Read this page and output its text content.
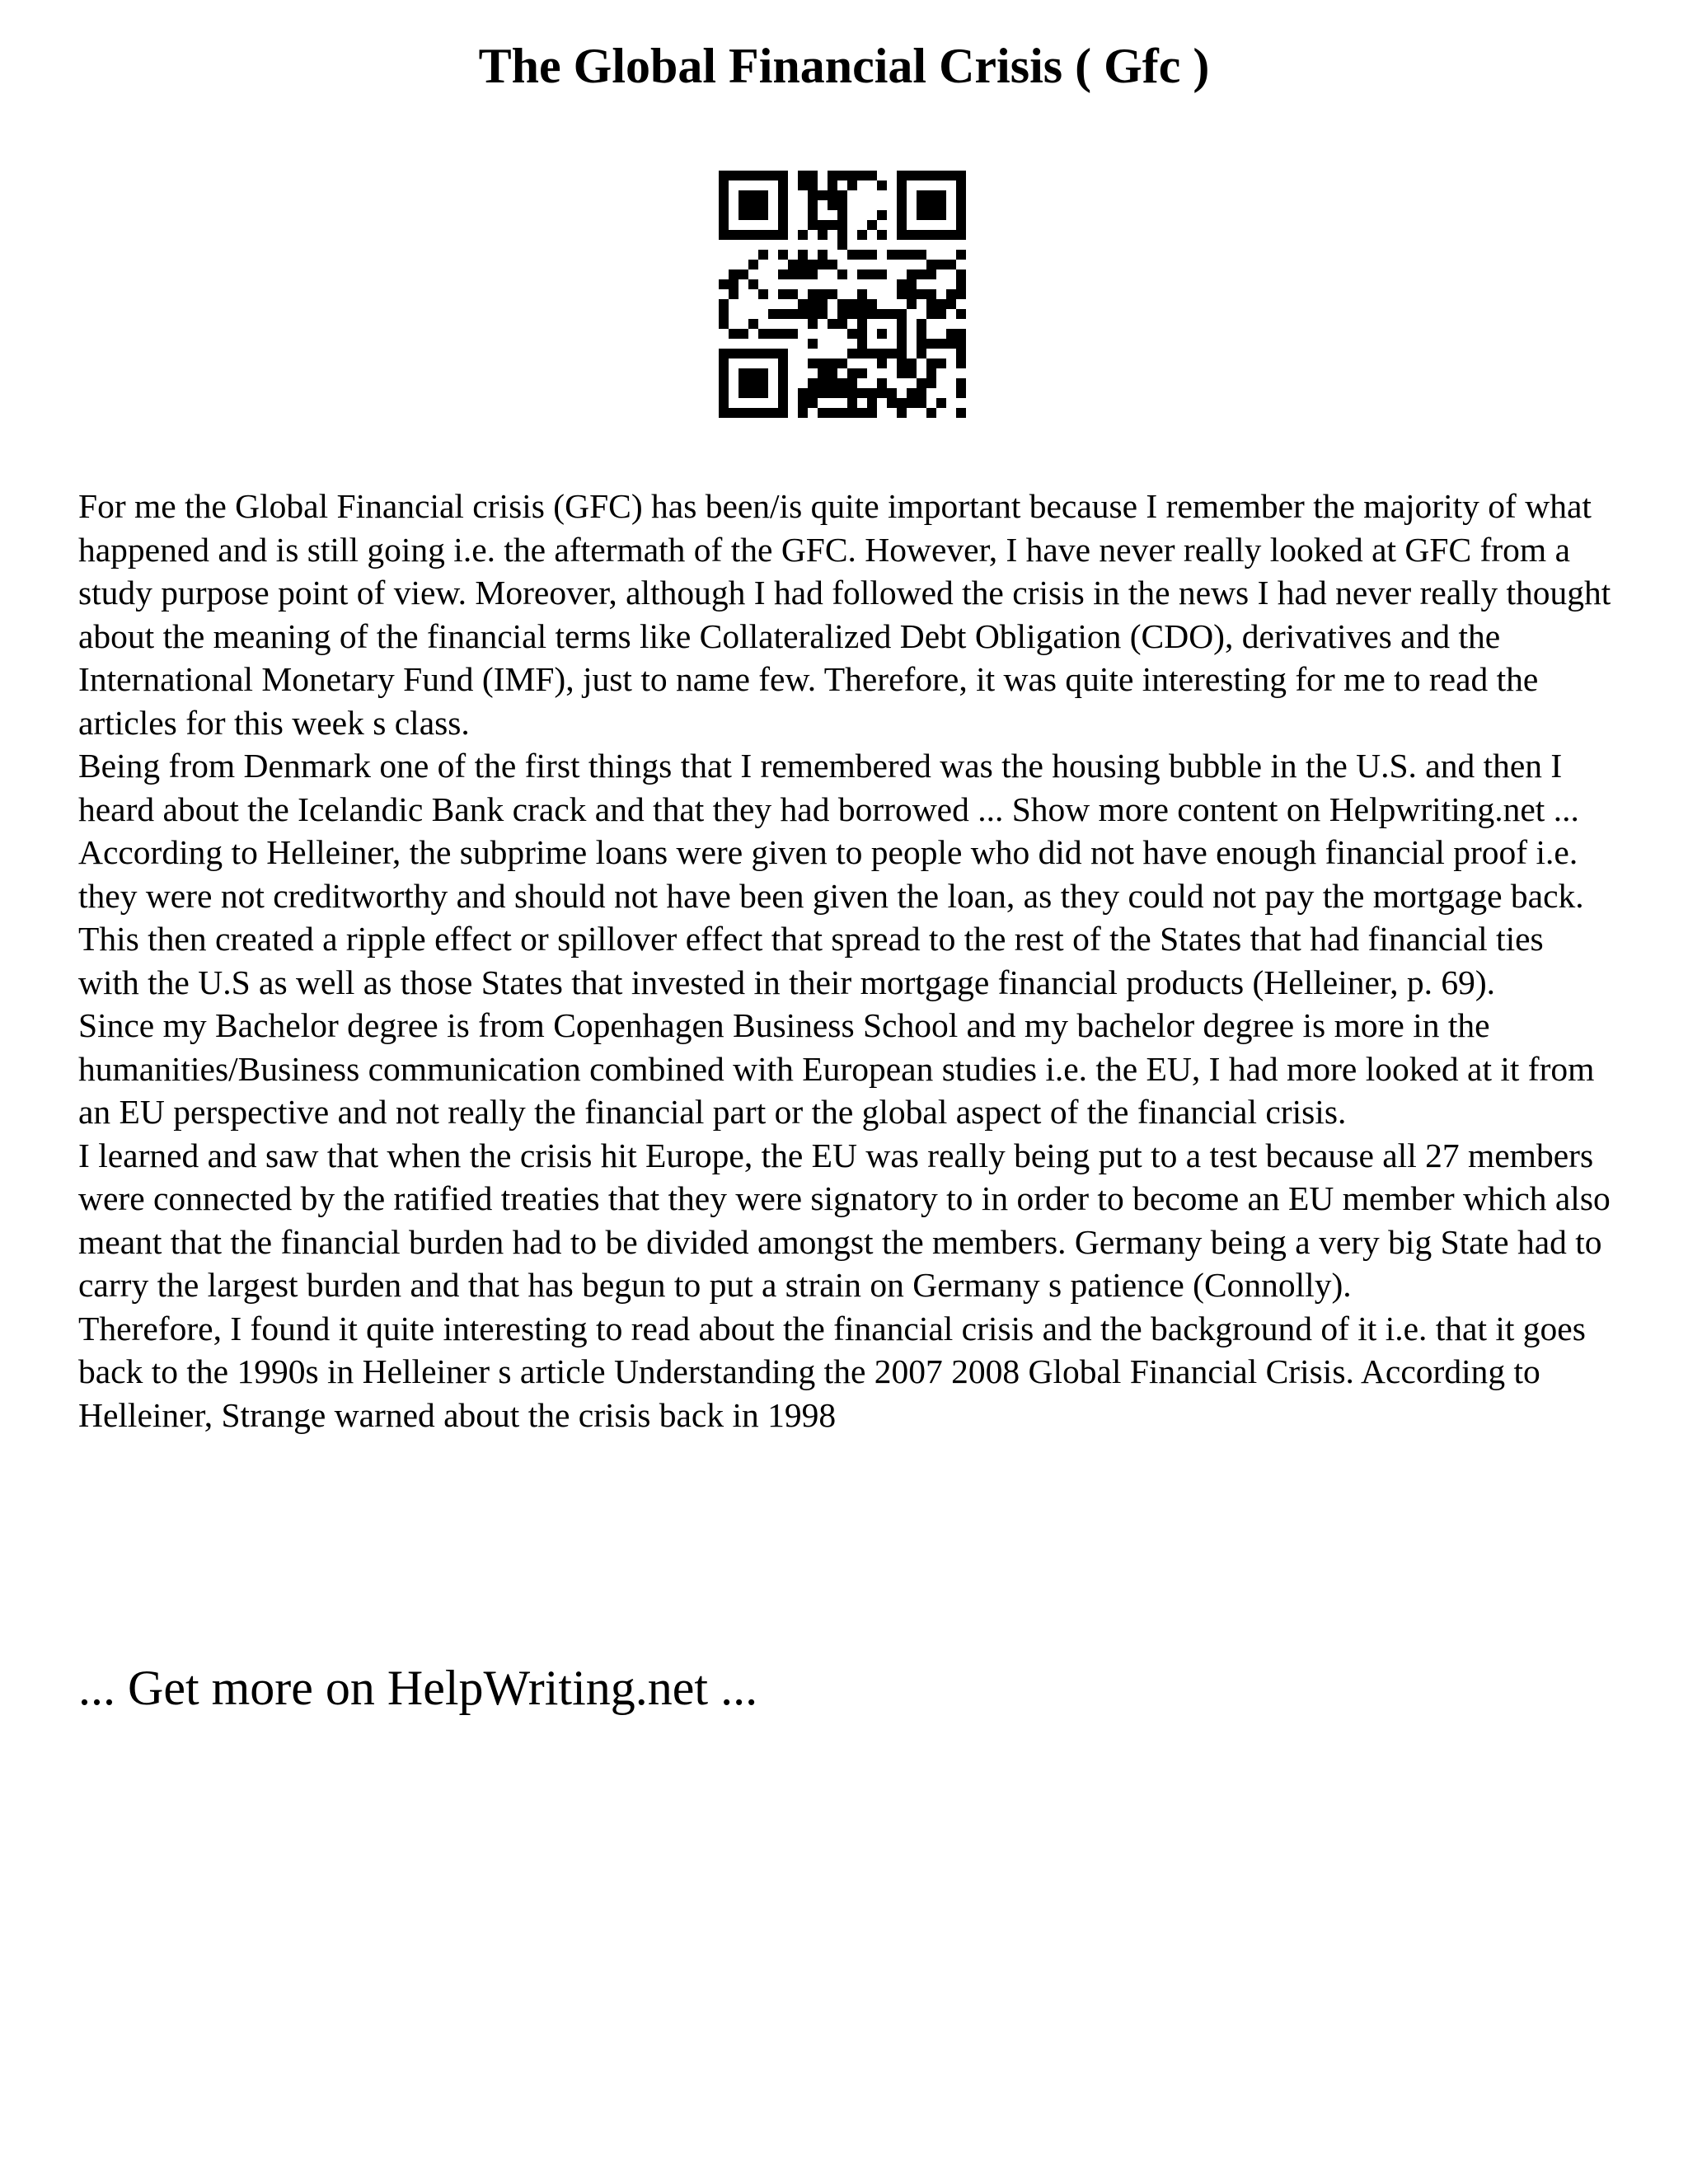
The Global Financial Crisis ( Gfc )

For me the Global Financial crisis (GFC) has been/is quite important because I remember the majority of what happened and is still going i.e. the aftermath of the GFC. However, I have never really looked at GFC from a study purpose point of view. Moreover, although I had followed the crisis in the news I had never really thought about the meaning of the financial terms like Collateralized Debt Obligation (CDO), derivatives and the International Monetary Fund (IMF), just to name few. Therefore, it was quite interesting for me to read the articles for this week s class.

Being from Denmark one of the first things that I remembered was the housing bubble in the U.S. and then I heard about the Icelandic Bank crack and that they had borrowed ... Show more content on Helpwriting.net ...

According to Helleiner, the subprime loans were given to people who did not have enough financial proof i.e. they were not creditworthy and should not have been given the loan, as they could not pay the mortgage back. This then created a ripple effect or spillover effect that spread to the rest of the States that had financial ties with the U.S as well as those States that invested in their mortgage financial products (Helleiner, p. 69).

Since my Bachelor degree is from Copenhagen Business School and my bachelor degree is more in the humanities/Business communication combined with European studies i.e. the EU, I had more looked at it from an EU perspective and not really the financial part or the global aspect of the financial crisis.

I learned and saw that when the crisis hit Europe, the EU was really being put to a test because all 27 members were connected by the ratified treaties that they were signatory to in order to become an EU member which also meant that the financial burden had to be divided amongst the members. Germany being a very big State had to carry the largest burden and that has begun to put a strain on Germany s patience (Connolly).

Therefore, I found it quite interesting to read about the financial crisis and the background of it i.e. that it goes back to the 1990s in Helleiner s article Understanding the 2007 2008 Global Financial Crisis. According to Helleiner, Strange warned about the crisis back in 1998

... Get more on HelpWriting.net ...
